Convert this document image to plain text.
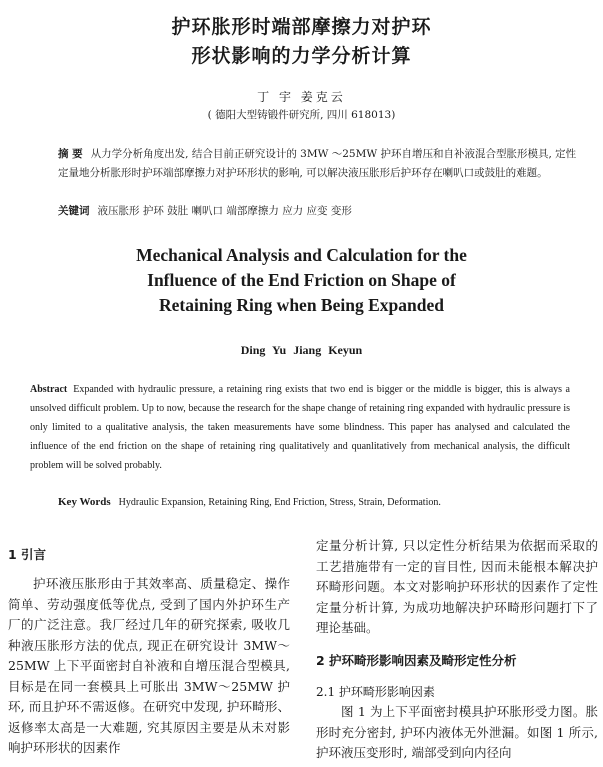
护环胀形时端部摩擦力对护环
形状影响的力学分析计算
丁 宇 姜克云
( 德阳大型铸锻件研究所, 四川 618013)
摘 要 从力学分析角度出发, 结合目前正研究设计的 3MW ～25MW 护环自增压和自补液混合型胀形模具, 定性定量地分析胀形时护环端部摩擦力对护环形状的影响, 可以解决液压胀形后护环存在喇叭口或鼓肚的难题。
关键词 液压胀形 护环 鼓肚 喇叭口 端部摩擦力 应力 应变 变形
Mechanical Analysis and Calculation for the
Influence of the End Friction on Shape of
Retaining Ring when Being Expanded
Ding Yu Jiang Keyun
Abstract Expanded with hydraulic pressure, a retaining ring exists that two end is bigger or the middle is bigger, this is always a unsolved difficult problem. Up to now, because the research for the shape change of retaining ring expanded with hydraulic pressure is only limited to a qualitative analysis, the taken measurements have some blindness. This paper has analysed and calculated the influence of the end friction on the shape of retaining ring qualitatively and quanlitatively from mechanical analysis, the difficult problem will be solved probably.
Key Words Hydraulic Expansion, Retaining Ring, End Friction, Stress, Strain, Deformation.
1 引言
护环液压胀形由于其效率高、质量稳定、操作简单、劳动强度低等优点, 受到了国内外护环生产厂的广泛注意。我厂经过几年的研究探索, 吸收几种液压胀形方法的优点, 现正在研究设计 3MW～25MW 上下平面密封自补液和自增压混合型模具, 目标是在同一套模具上可胀出 3MW～25MW 护环, 而且护环不需返修。在研究中发现, 护环畸形、返修率太高是一大难题, 究其原因主要是从未对影响护环形状的因素作
定量分析计算, 只以定性分析结果为依据而采取的工艺措施带有一定的盲目性, 因而未能根本解决护环畸形问题。本文对影响护环形状的因素作了定性定量分析计算, 为成功地解决护环畸形问题打下了理论基础。
2 护环畸形影响因素及畸形定性分析
2.1 护环畸形影响因素
图 1 为上下平面密封模具护环胀形受力图。胀形时充分密封, 护环内液体无外泄漏。如图 1 所示, 护环液压变形时, 端部受到向内径向
